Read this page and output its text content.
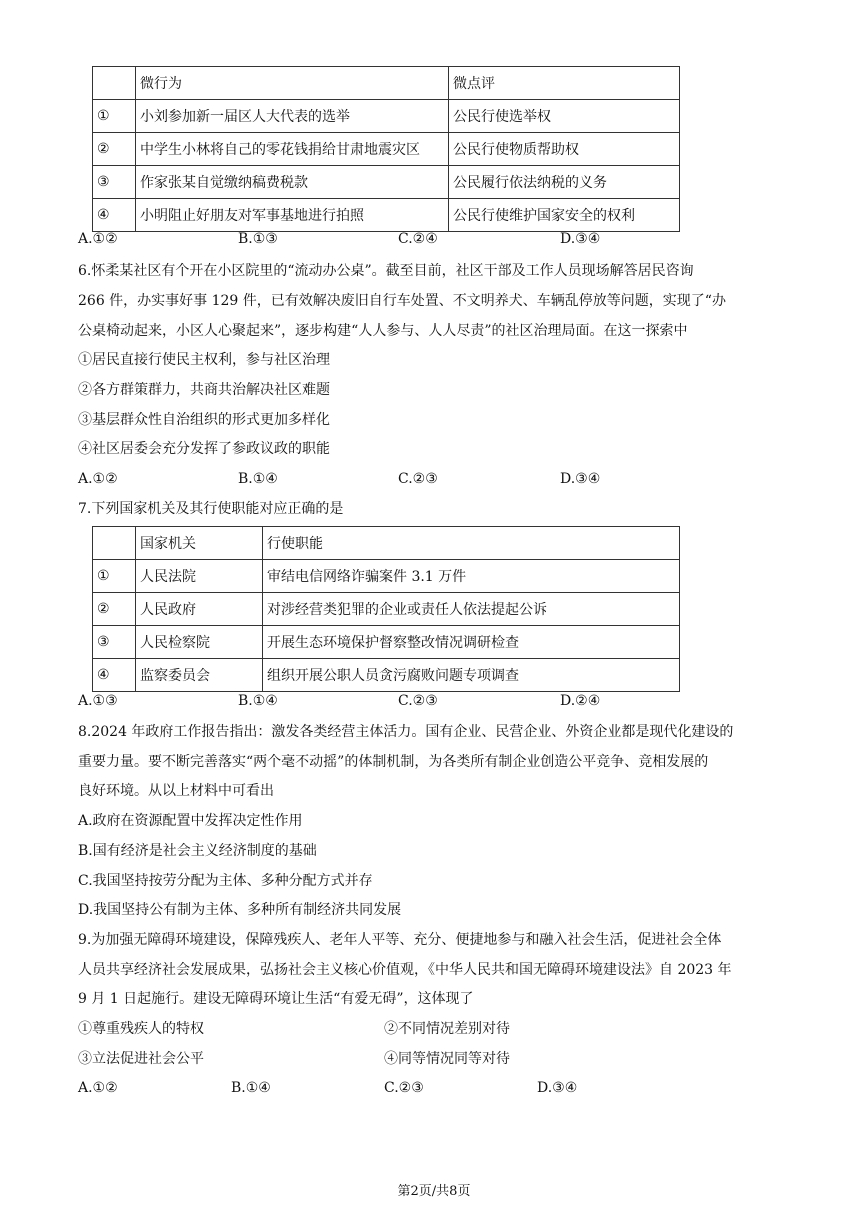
	微行为	微点评
①	小刘参加新一届区人大代表的选举	公民行使选举权
②	中学生小林将自己的零花钱捐给甘肃地震灾区	公民行使物质帮助权
③	作家张某自觉缴纳稿费税款	公民履行依法纳税的义务
④	小明阻止好朋友对军事基地进行拍照	公民行使维护国家安全的权利
A.①②	B.①③	C.②④	D.③④
6.怀柔某社区有个开在小区院里的“流动办公桌”。截至目前，社区干部及工作人员现场解答居民咨询
266 件，办实事好事 129 件，已有效解决废旧自行车处置、不文明养犬、车辆乱停放等问题，实现了“办
公桌椅动起来，小区人心聚起来”，逐步构建“人人参与、人人尽责”的社区治理局面。在这一探索中
①居民直接行使民主权利，参与社区治理
②各方群策群力，共商共治解决社区难题
③基层群众性自治组织的形式更加多样化
④社区居委会充分发挥了参政议政的职能
A.①②	B.①④	C.②③	D.③④
7.下列国家机关及其行使职能对应正确的是
	国家机关	行使职能
①	人民法院	审结电信网络诈骗案件 3.1 万件
②	人民政府	对涉经营类犯罪的企业或责任人依法提起公诉
③	人民检察院	开展生态环境保护督察整改情况调研检查
④	监察委员会	组织开展公职人员贪污腐败问题专项调查
A.①③	B.①④	C.②③	D.②④
8.2024 年政府工作报告指出：激发各类经营主体活力。国有企业、民营企业、外资企业都是现代化建设的
重要力量。要不断完善落实“两个毫不动摇”的体制机制，为各类所有制企业创造公平竞争、竞相发展的
良好环境。从以上材料中可看出
A.政府在资源配置中发挥决定性作用
B.国有经济是社会主义经济制度的基础
C.我国坚持按劳分配为主体、多种分配方式并存
D.我国坚持公有制为主体、多种所有制经济共同发展
9.为加强无障碍环境建设，保障残疾人、老年人平等、充分、便捷地参与和融入社会生活，促进社会全体
人员共享经济社会发展成果，弘扬社会主义核心价值观，《中华人民共和国无障碍环境建设法》自 2023 年
9 月 1 日起施行。建设无障碍环境让生活“有爱无碍”，这体现了
①尊重残疾人的特权	②不同情况差别对待
③立法促进社会公平	④同等情况同等对待
A.①②	B.①④	C.②③	D.③④
第2页/共8页
